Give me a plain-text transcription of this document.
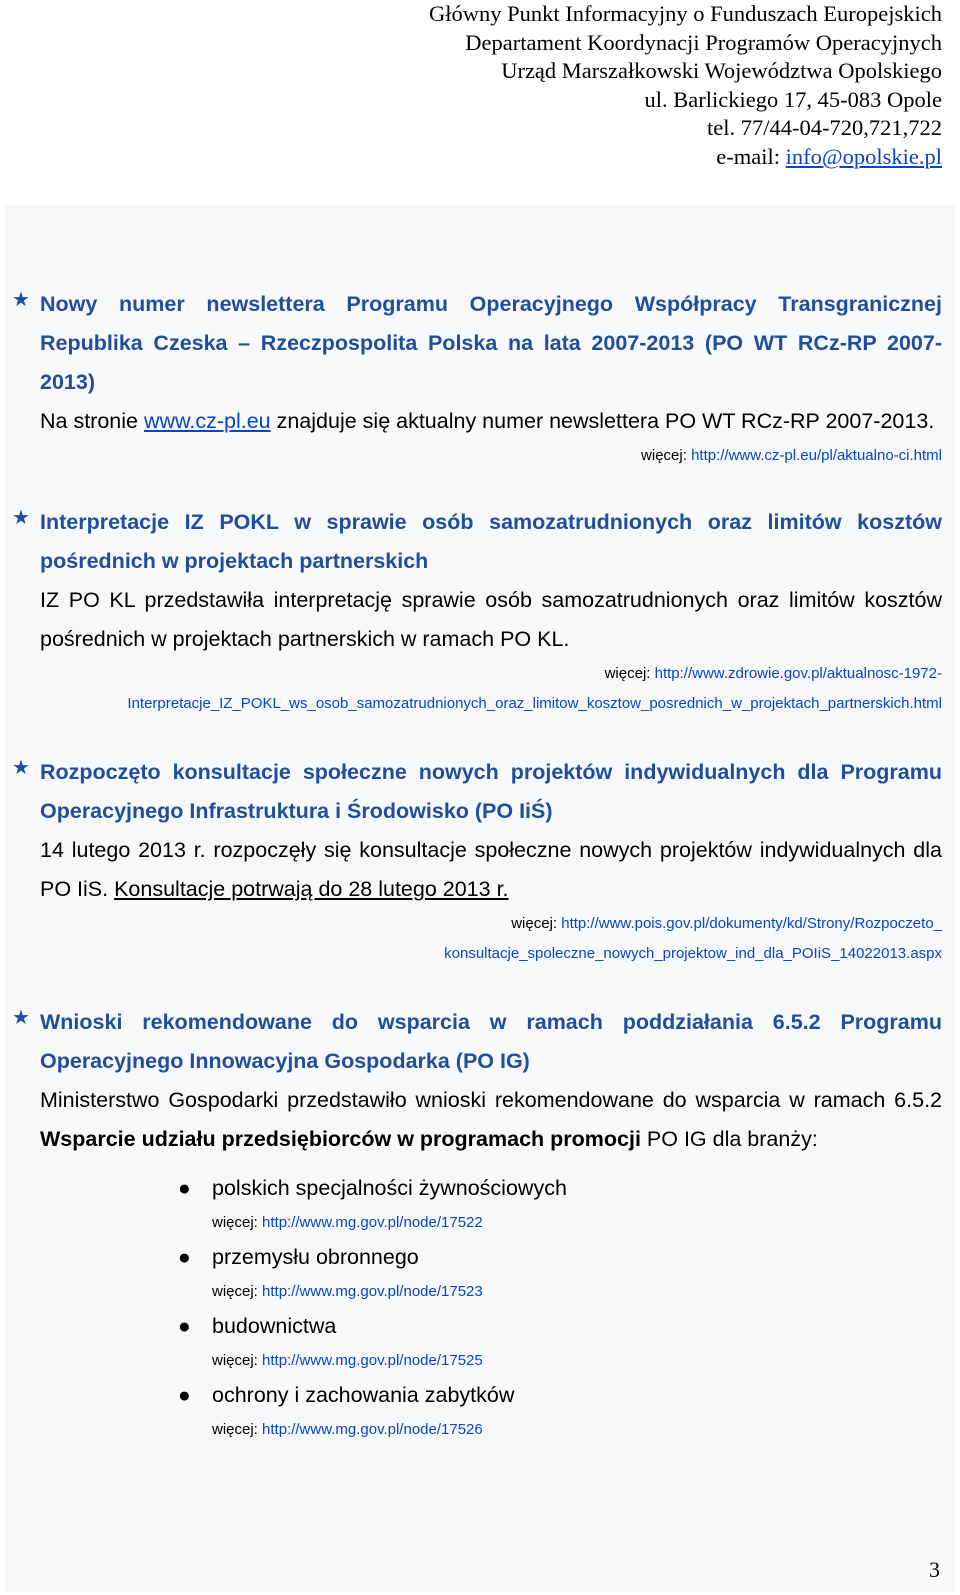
Główny Punkt Informacyjny o Funduszach Europejskich
Departament Koordynacji Programów Operacyjnych
Urząd Marszałkowski Województwa Opolskiego
ul. Barlickiego 17, 45-083 Opole
tel. 77/44-04-720,721,722
e-mail: info@opolskie.pl
★ Nowy numer newslettera Programu Operacyjnego Współpracy Transgranicznej Republika Czeska – Rzeczpospolita Polska na lata 2007-2013 (PO WT RCz-RP 2007-2013)
Na stronie www.cz-pl.eu znajduje się aktualny numer newslettera PO WT RCz-RP 2007-2013.
więcej: http://www.cz-pl.eu/pl/aktualno-ci.html
★ Interpretacje IZ POKL w sprawie osób samozatrudnionych oraz limitów kosztów pośrednich w projektach partnerskich
IZ PO KL przedstawiła interpretację sprawie osób samozatrudnionych oraz limitów kosztów pośrednich w projektach partnerskich w ramach PO KL.
więcej: http://www.zdrowie.gov.pl/aktualnosc-1972-
Interpretacje_IZ_POKL_ws_osob_samozatrudnionych_oraz_limitow_kosztow_posrednich_w_projektach_partnerskich.html
★ Rozpoczęto konsultacje społeczne nowych projektów indywidualnych dla Programu Operacyjnego Infrastruktura i Środowisko (PO IiŚ)
14 lutego 2013 r. rozpoczęły się konsultacje społeczne nowych projektów indywidualnych dla PO IiS. Konsultacje potrwają do 28 lutego 2013 r.
więcej: http://www.pois.gov.pl/dokumenty/kd/Strony/Rozpoczeto_
konsultacje_spoleczne_nowych_projektow_ind_dla_POIiS_14022013.aspx
★ Wnioski rekomendowane do wsparcia w ramach poddziałania 6.5.2 Programu Operacyjnego Innowacyjna Gospodarka (PO IG)
Ministerstwo Gospodarki przedstawiło wnioski rekomendowane do wsparcia w ramach 6.5.2 Wsparcie udziału przedsiębiorców w programach promocji PO IG dla branży:
● polskich specjalności żywnościowych
więcej: http://www.mg.gov.pl/node/17522
● przemysłu obronnego
więcej: http://www.mg.gov.pl/node/17523
● budownictwa
więcej: http://www.mg.gov.pl/node/17525
● ochrony i zachowania zabytków
więcej: http://www.mg.gov.pl/node/17526
3
